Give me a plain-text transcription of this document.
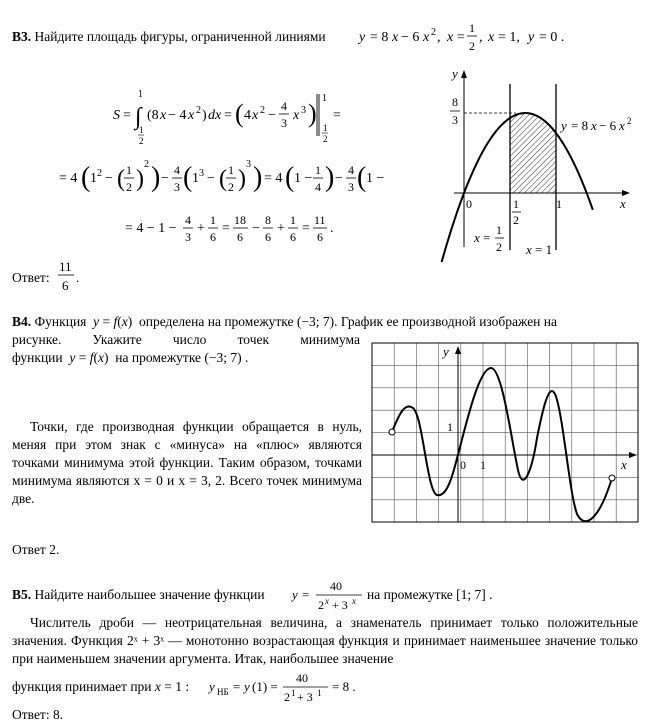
B3. Найдите площадь фигуры, ограниченной линиями	y = 8 x − 6 x 2 , x =
1
2
, x = 1, y = 0 .
S = ∫
1
1
2
(8 x − 4 x 2 ) dx = ( 4 x 2 −
4
3 x 3 )
1
1
2
=
= 4 ( 1 2 − ( 1
2 )
2 ) −
4
3 ( 1 3 − ( 1
2 )
3 ) = 4 ( 1 −
1
4 ) −
4
3 ( 1 −
= 4 − 1 −
4
3
+
1
6
=
18
6
−
8
6
+
1
6
=
11
6
.
Ответ:
11
6
.
y
x
0
8
3
1
2
1
y = 8 x − 6 x 2
x = 1
2 x = 1
B4. Функция  y = f(x)  определена на промежутке (−3; 7). График ее производной изображен на
рисунке. Укажите число точек минимума
функции  y = f(x)  на промежутке (−3; 7) .
Точки, где производная функции обращается в нуль, меняя при этом знак с «минуса» на «плюс» являются точками минимума этой функции. Таким образом, точками минимума являются x = 0 и x = 3, 2. Всего точек минимума две.
Ответ 2.
y
x
0 1
1
B5. Найдите наибольшее значение функции y =
40
2 x + 3 x на промежутке [1; 7] .
Числитель дроби — неотрицательная величина, а знаменатель принимает только положительные значения. Функция 2ˣ + 3ˣ — монотонно возрастающая функция и принимает наименьшее значение только при наименьшем значении аргумента. Итак, наибольшее значение
функция принимает при x = 1 : y НБ = y (1) =
40
2 1 + 3 1 = 8 .
Ответ: 8.
